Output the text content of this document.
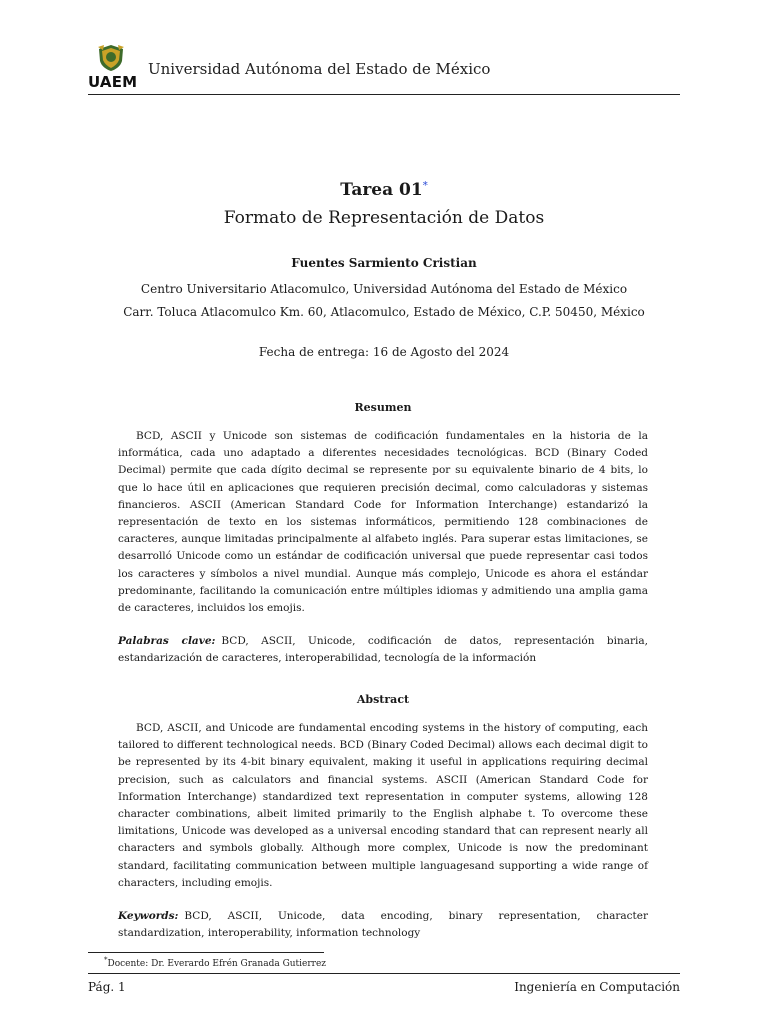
UAEM
Universidad Autónoma del Estado de México

Tarea 01*

Formato de Representación de Datos

Fuentes Sarmiento Cristian

Centro Universitario Atlacomulco, Universidad Autónoma del Estado de México

Carr. Toluca Atlacomulco Km. 60, Atlacomulco, Estado de México, C.P. 50450, México

Fecha de entrega: 16 de Agosto del 2024

Resumen

BCD, ASCII y Unicode son sistemas de codificación fundamentales en la historia de la informática, cada uno adaptado a diferentes necesidades tecnológicas. BCD (Binary Coded Decimal) permite que cada dígito decimal se represente por su equivalente binario de 4 bits, lo que lo hace útil en aplicaciones que requieren precisión decimal, como calculadoras y sistemas financieros. ASCII (American Standard Code for Information Interchange) estandarizó la representación de texto en los sistemas informáticos, permitiendo 128 combinaciones de caracteres, aunque limitadas principalmente al alfabeto inglés. Para superar estas limitaciones, se desarrolló Unicode como un estándar de codificación universal que puede representar casi todos los caracteres y símbolos a nivel mundial. Aunque más complejo, Unicode es ahora el estándar predominante, facilitando la comunicación entre múltiples idiomas y admitiendo una amplia gama de caracteres, incluidos los emojis.

Palabras clave: BCD, ASCII, Unicode, codificación de datos, representación binaria, estandarización de caracteres, interoperabilidad, tecnología de la información

Abstract

BCD, ASCII, and Unicode are fundamental encoding systems in the history of computing, each tailored to different technological needs. BCD (Binary Coded Decimal) allows each decimal digit to be represented by its 4-bit binary equivalent, making it useful in applications requiring decimal precision, such as calculators and financial systems. ASCII (American Standard Code for Information Interchange) standardized text representation in computer systems, allowing 128 character combinations, albeit limited primarily to the English alphabe t. To overcome these limitations, Unicode was developed as a universal encoding standard that can represent nearly all characters and symbols globally. Although more complex, Unicode is now the predominant standard, facilitating communication between multiple languagesand supporting a wide range of characters, including emojis.

Keywords: BCD, ASCII, Unicode, data encoding, binary representation, character standardization, interoperability, information technology

*Docente: Dr. Everardo Efrén Granada Gutierrez
Pág. 1	Ingeniería en Computación
